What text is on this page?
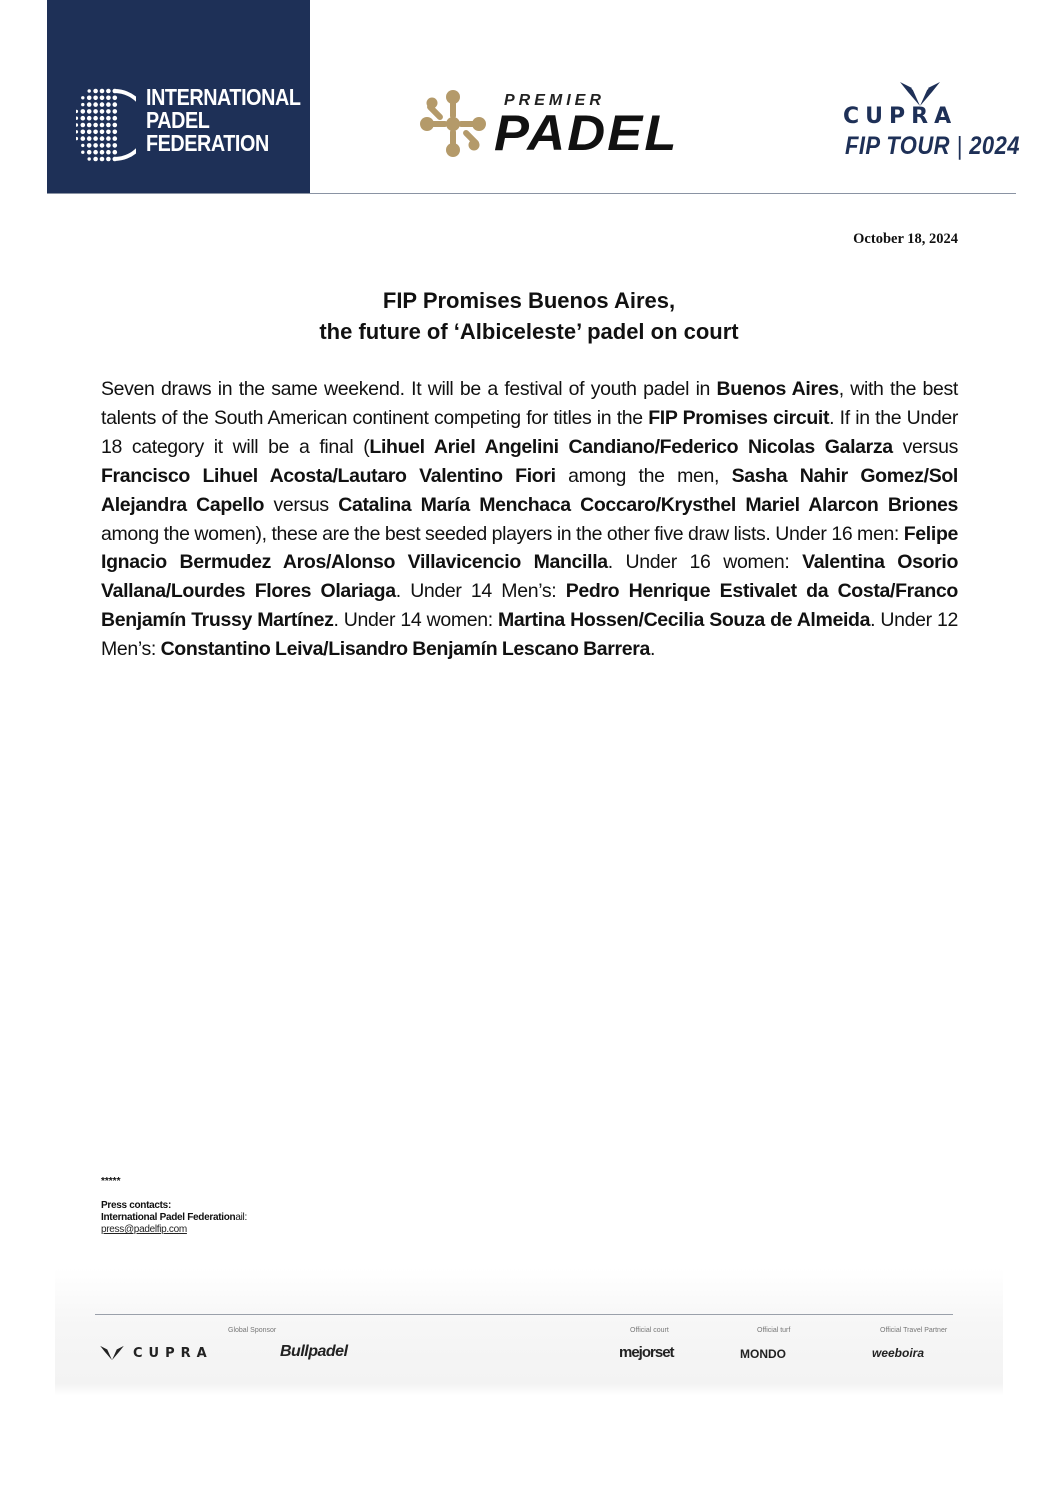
INTERNATIONAL
PADEL
FEDERATION
PREMIER
PADEL	CUPRA
FIP TOUR | 2024
October 18, 2024
FIP Promises Buenos Aires,
the future of ‘Albiceleste’ padel on court
Seven draws in the same weekend. It will be a festival of youth padel in Buenos Aires, with the best talents of the South American continent competing for titles in the FIP Promises circuit. If in the Under 18 category it will be a final (Lihuel Ariel Angelini Candiano/Federico Nicolas Galarza versus Francisco Lihuel Acosta/Lautaro Valentino Fiori among the men, Sasha Nahir Gomez/Sol Alejandra Capello versus Catalina María Menchaca Coccaro/Krysthel Mariel Alarcon Briones among the women), these are the best seeded players in the other five draw lists. Under 16 men: Felipe Ignacio Bermudez Aros/Alonso Villavicencio Mancilla. Under 16 women: Valentina Osorio Vallana/Lourdes Flores Olariaga. Under 14 Men’s: Pedro Henrique Estivalet da Costa/Franco Benjamín Trussy Martínez. Under 14 women: Martina Hossen/Cecilia Souza de Almeida. Under 12 Men’s: Constantino Leiva/Lisandro Benjamín Lescano Barrera.
*****
Press contacts:
International Padel Federationail:
press@padelfip.com
Global Sponsor	Official court	Official turf	Official Travel Partner
CUPRA	Bullpadel	mejorset	MONDO	weeboira
